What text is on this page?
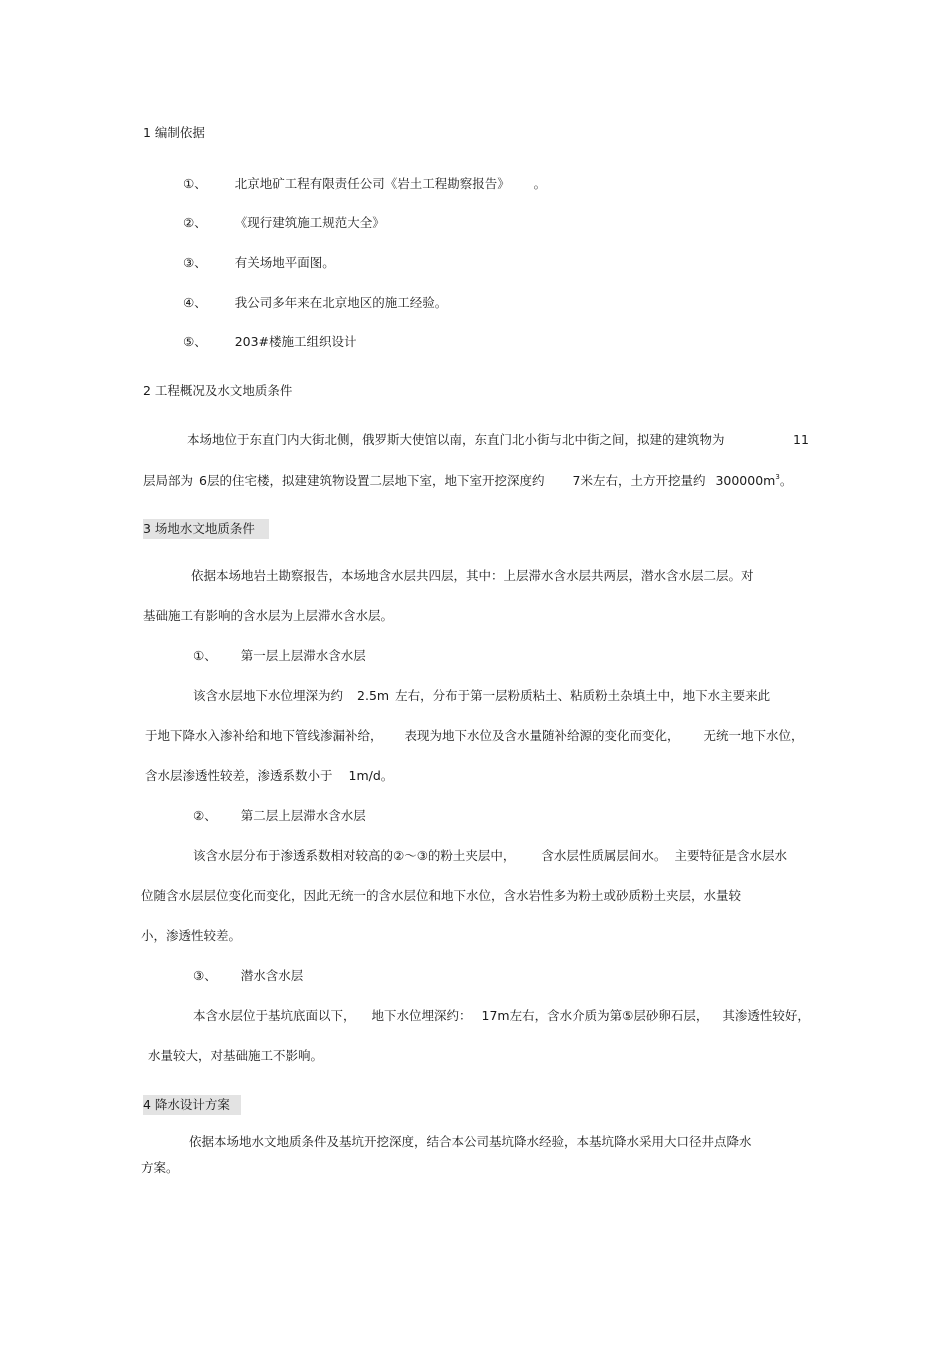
1 编制依据
①、 北京地矿工程有限责任公司《岩土工程勘察报告》 。
②、 《现行建筑施工规范大全》
③、 有关场地平面图。
④、 我公司多年来在北京地区的施工经验。
⑤、 203#楼施工组织设计
2 工程概况及水文地质条件
本场地位于东直门内大街北侧，俄罗斯大使馆以南，东直门北小街与北中街之间，拟建的建筑物为	11
层局部为 6层的住宅楼，拟建建筑物设置二层地下室，地下室开挖深度约 7米左右，土方开挖量约 $300000m^3$。
3 场地水文地质条件
依据本场地岩土勘察报告，本场地含水层共四层，其中：上层滞水含水层共两层，潜水含水层二层。对
基础施工有影响的含水层为上层滞水含水层。
①、 第一层上层滞水含水层
该含水层地下水位埋深为约 2.5m 左右，分布于第一层粉质粘土、粘质粉土杂填土中，地下水主要来此
于地下降水入渗补给和地下管线渗漏补给， 表现为地下水位及含水量随补给源的变化而变化， 无统一地下水位，
含水层渗透性较差，渗透系数小于 1m/d。
②、 第二层上层滞水含水层
该含水层分布于渗透系数相对较高的②～③的粉土夹层中， 含水层性质属层间水。 主要特征是含水层水
位随含水层层位变化而变化，因此无统一的含水层位和地下水位，含水岩性多为粉土或砂质粉土夹层，水量较
小，渗透性较差。
③、 潜水含水层
本含水层位于基坑底面以下， 地下水位埋深约： 17m左右，含水介质为第⑤层砂卵石层， 其渗透性较好，
水量较大，对基础施工不影响。
4 降水设计方案
依据本场地水文地质条件及基坑开挖深度，结合本公司基坑降水经验，本基坑降水采用大口径井点降水
方案。
